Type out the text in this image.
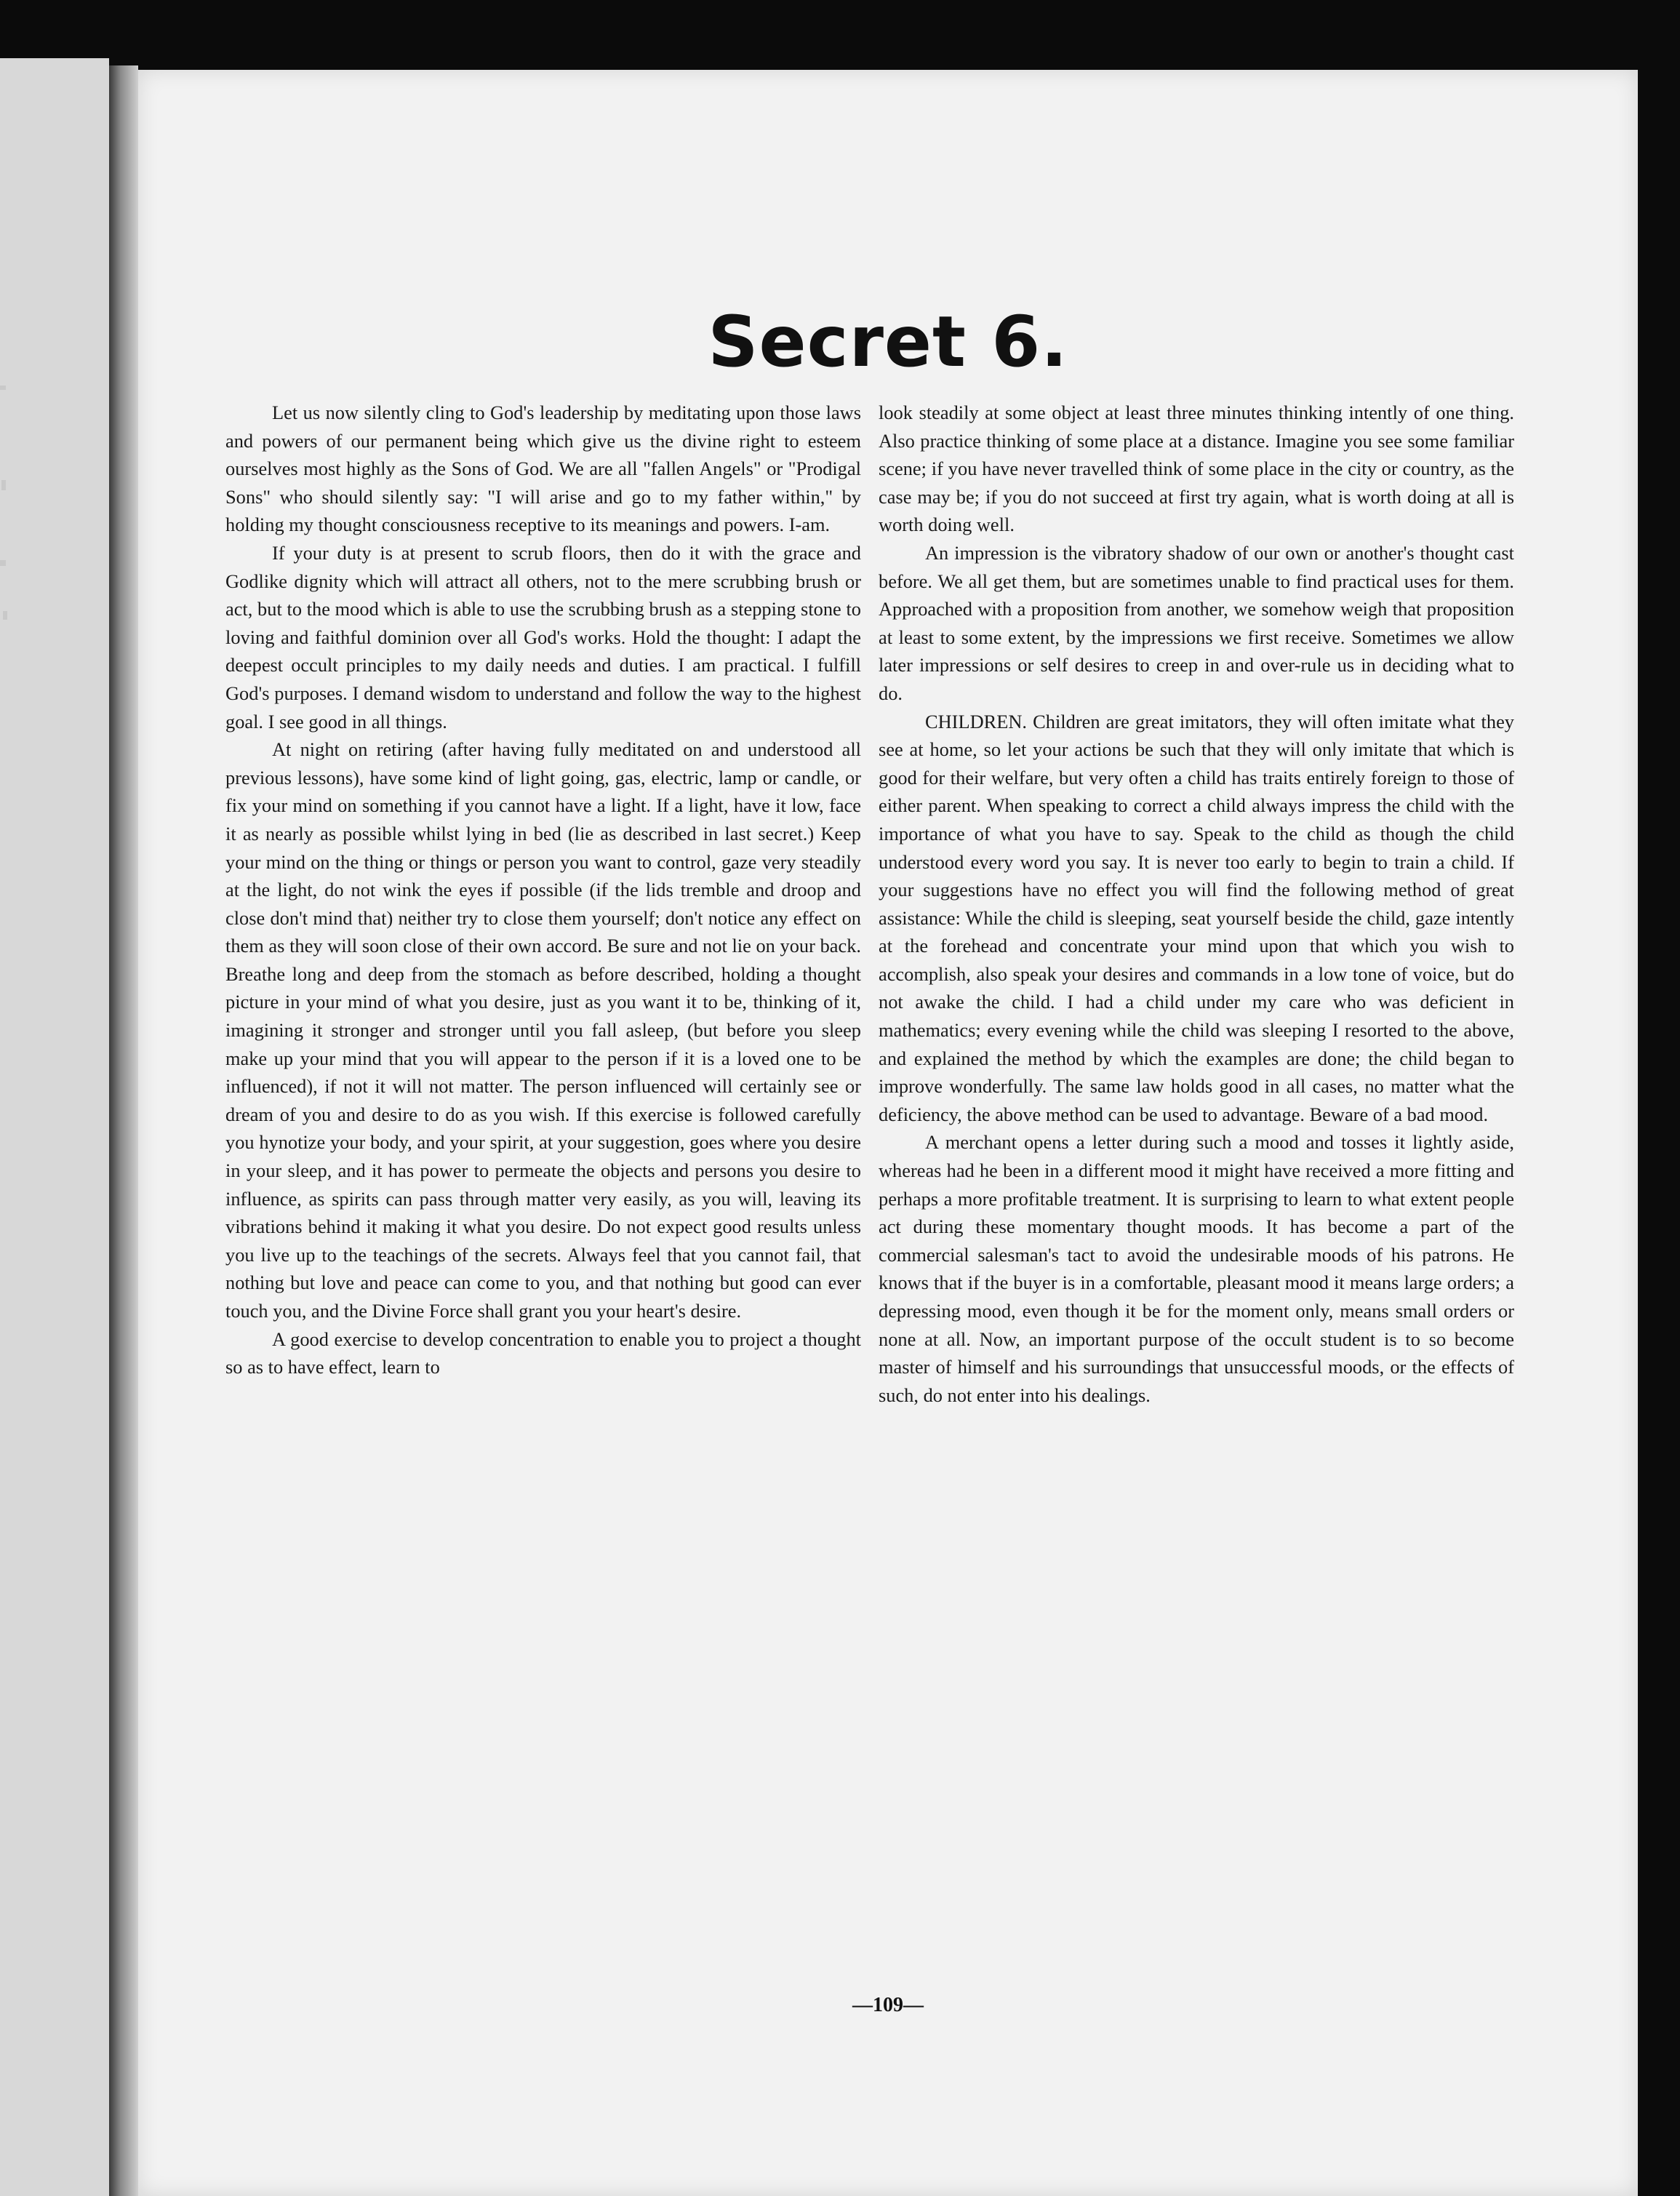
Secret 6.

Let us now silently cling to God's leadership by meditating upon those laws and powers of our permanent being which give us the divine right to esteem ourselves most highly as the Sons of God. We are all "fallen Angels" or "Prodigal Sons" who should silently say: "I will arise and go to my father within," by holding my thought consciousness receptive to its meanings and powers. I-am.

If your duty is at present to scrub floors, then do it with the grace and Godlike dignity which will attract all others, not to the mere scrubbing brush or act, but to the mood which is able to use the scrubbing brush as a stepping stone to loving and faithful dominion over all God's works. Hold the thought: I adapt the deepest occult principles to my daily needs and duties. I am practical. I fulfill God's purposes. I demand wisdom to understand and follow the way to the highest goal. I see good in all things.

At night on retiring (after having fully meditated on and understood all previous lessons), have some kind of light going, gas, electric, lamp or candle, or fix your mind on something if you cannot have a light. If a light, have it low, face it as nearly as possible whilst lying in bed (lie as described in last secret.) Keep your mind on the thing or things or person you want to control, gaze very steadily at the light, do not wink the eyes if possible (if the lids tremble and droop and close don't mind that) neither try to close them yourself; don't notice any effect on them as they will soon close of their own accord. Be sure and not lie on your back. Breathe long and deep from the stomach as before described, holding a thought picture in your mind of what you desire, just as you want it to be, thinking of it, imagining it stronger and stronger until you fall asleep, (but before you sleep make up your mind that you will appear to the person if it is a loved one to be influenced), if not it will not matter. The person influenced will certainly see or dream of you and desire to do as you wish. If this exercise is followed carefully you hynotize your body, and your spirit, at your suggestion, goes where you desire in your sleep, and it has power to permeate the objects and persons you desire to influence, as spirits can pass through matter very easily, as you will, leaving its vibrations behind it making it what you desire. Do not expect good results unless you live up to the teachings of the secrets. Always feel that you cannot fail, that nothing but love and peace can come to you, and that nothing but good can ever touch you, and the Divine Force shall grant you your heart's desire.

A good exercise to develop concentration to enable you to project a thought so as to have effect, learn to

look steadily at some object at least three minutes thinking intently of one thing. Also practice thinking of some place at a distance. Imagine you see some familiar scene; if you have never travelled think of some place in the city or country, as the case may be; if you do not succeed at first try again, what is worth doing at all is worth doing well.

An impression is the vibratory shadow of our own or another's thought cast before. We all get them, but are sometimes unable to find practical uses for them. Approached with a proposition from another, we somehow weigh that proposition at least to some extent, by the impressions we first receive. Sometimes we allow later impressions or self desires to creep in and over-rule us in deciding what to do.

CHILDREN. Children are great imitators, they will often imitate what they see at home, so let your actions be such that they will only imitate that which is good for their welfare, but very often a child has traits entirely foreign to those of either parent. When speaking to correct a child always impress the child with the importance of what you have to say. Speak to the child as though the child understood every word you say. It is never too early to begin to train a child. If your suggestions have no effect you will find the following method of great assistance: While the child is sleeping, seat yourself beside the child, gaze intently at the forehead and concentrate your mind upon that which you wish to accomplish, also speak your desires and commands in a low tone of voice, but do not awake the child. I had a child under my care who was deficient in mathematics; every evening while the child was sleeping I resorted to the above, and explained the method by which the examples are done; the child began to improve wonderfully. The same law holds good in all cases, no matter what the deficiency, the above method can be used to advantage. Beware of a bad mood.

A merchant opens a letter during such a mood and tosses it lightly aside, whereas had he been in a different mood it might have received a more fitting and perhaps a more profitable treatment. It is surprising to learn to what extent people act during these momentary thought moods. It has become a part of the commercial salesman's tact to avoid the undesirable moods of his patrons. He knows that if the buyer is in a comfortable, pleasant mood it means large orders; a depressing mood, even though it be for the moment only, means small orders or none at all. Now, an important purpose of the occult student is to so become master of himself and his surroundings that unsuccessful moods, or the effects of such, do not enter into his dealings.

—109—
